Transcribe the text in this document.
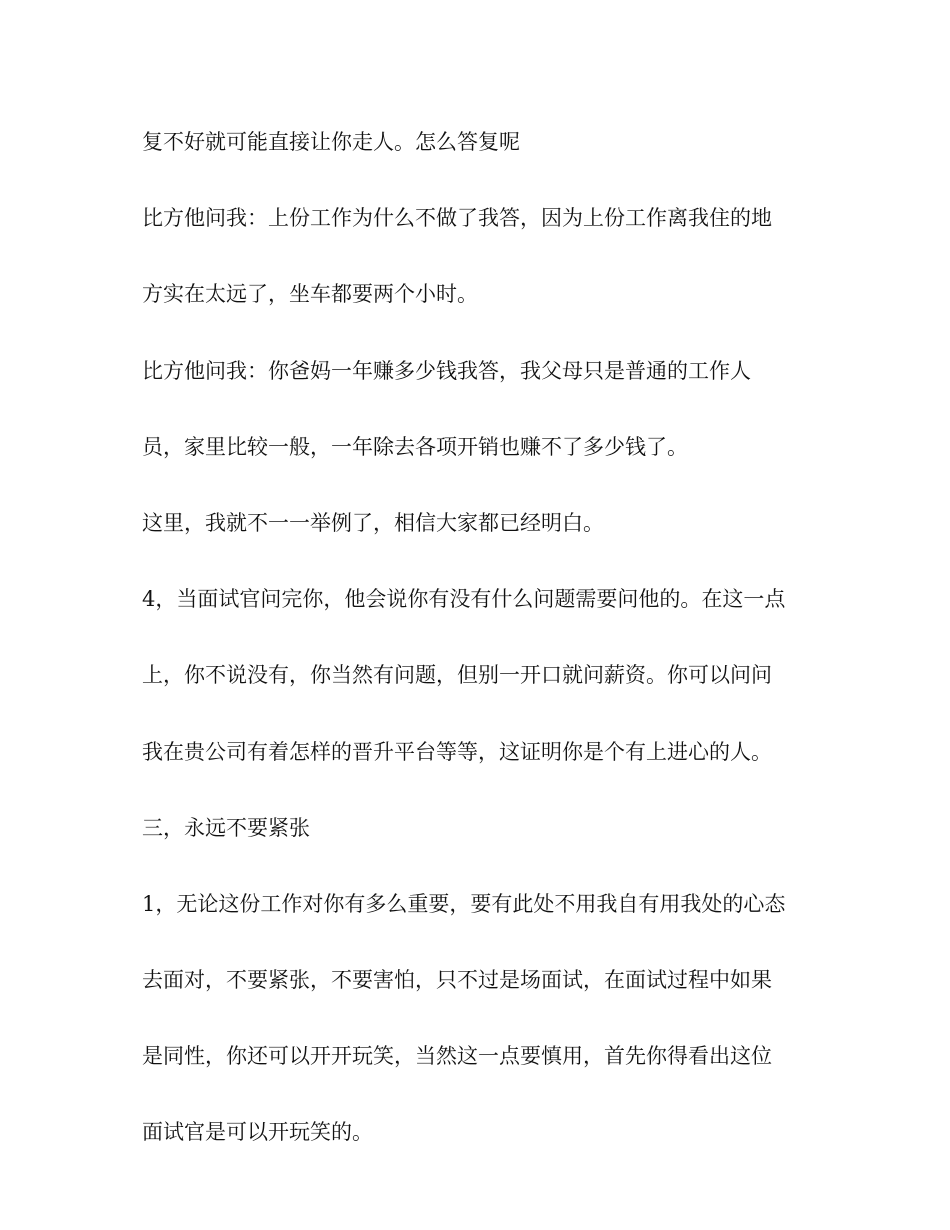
复不好就可能直接让你走人。怎么答复呢

比方他问我：上份工作为什么不做了我答，因为上份工作离我住的地

方实在太远了，坐车都要两个小时。

比方他问我：你爸妈一年赚多少钱我答，我父母只是普通的工作人

员，家里比较一般，一年除去各项开销也赚不了多少钱了。

这里，我就不一一举例了，相信大家都已经明白。

4，当面试官问完你，他会说你有没有什么问题需要问他的。在这一点

上，你不说没有，你当然有问题，但别一开口就问薪资。你可以问问

我在贵公司有着怎样的晋升平台等等，这证明你是个有上进心的人。

三，永远不要紧张

1，无论这份工作对你有多么重要，要有此处不用我自有用我处的心态

去面对，不要紧张，不要害怕，只不过是场面试，在面试过程中如果

是同性，你还可以开开玩笑，当然这一点要慎用，首先你得看出这位

面试官是可以开玩笑的。
